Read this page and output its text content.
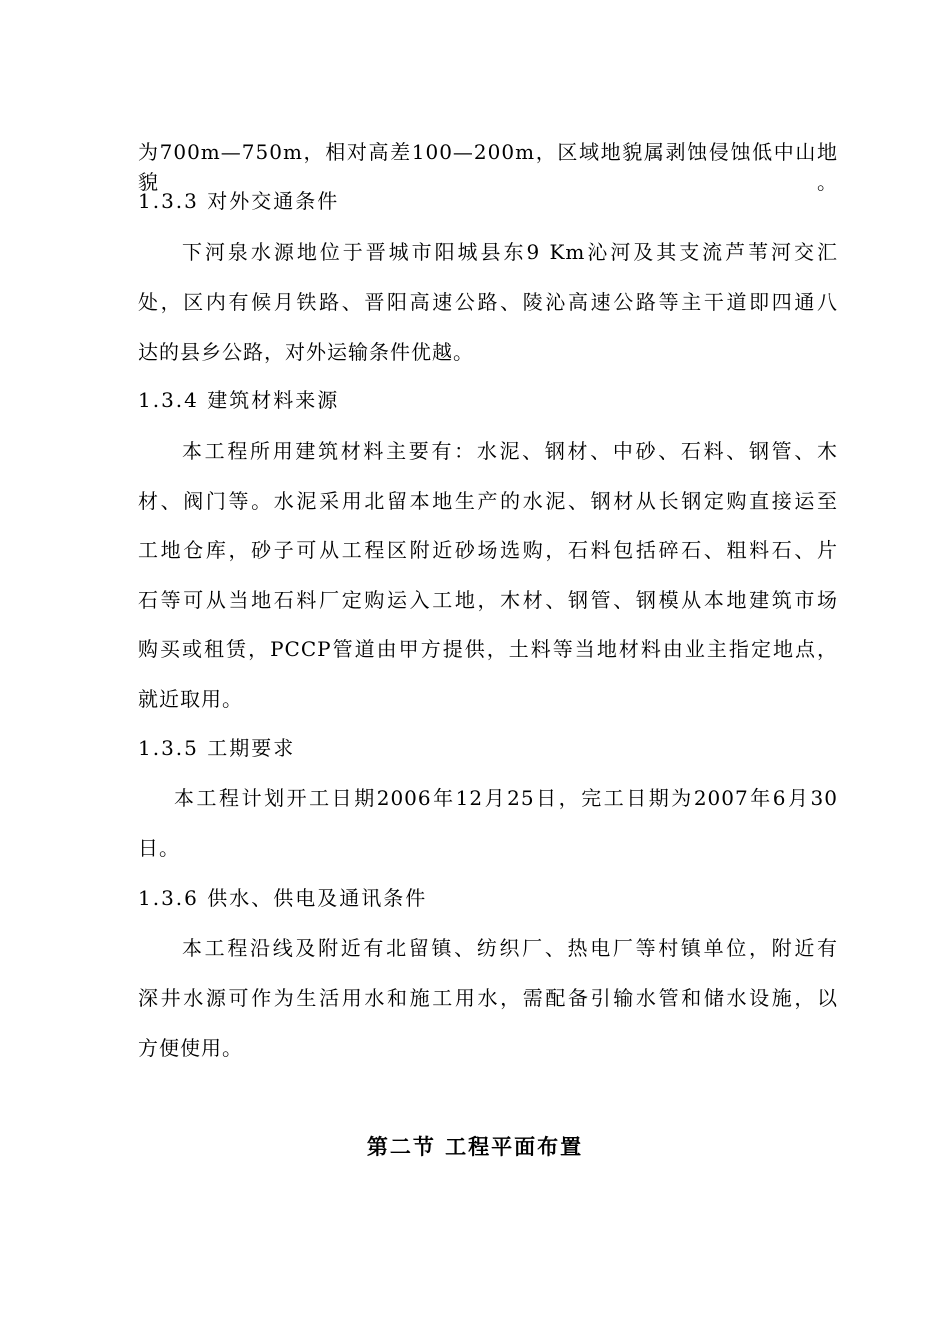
为700m—750m，相对高差100—200m，区域地貌属剥蚀侵蚀低中山地貌。
1.3.3 对外交通条件
下河泉水源地位于晋城市阳城县东9 Km沁河及其支流芦苇河交汇
处，区内有候月铁路、晋阳高速公路、陵沁高速公路等主干道即四通八
达的县乡公路，对外运输条件优越。
1.3.4 建筑材料来源
本工程所用建筑材料主要有：水泥、钢材、中砂、石料、钢管、木
材、阀门等。水泥采用北留本地生产的水泥、钢材从长钢定购直接运至
工地仓库，砂子可从工程区附近砂场选购，石料包括碎石、粗料石、片
石等可从当地石料厂定购运入工地，木材、钢管、钢模从本地建筑市场
购买或租赁，PCCP管道由甲方提供，土料等当地材料由业主指定地点，
就近取用。
1.3.5 工期要求
本工程计划开工日期2006年12月25日，完工日期为2007年6月30
日。
1.3.6 供水、供电及通讯条件
本工程沿线及附近有北留镇、纺织厂、热电厂等村镇单位，附近有
深井水源可作为生活用水和施工用水，需配备引输水管和储水设施，以
方便使用。
第二节 工程平面布置
